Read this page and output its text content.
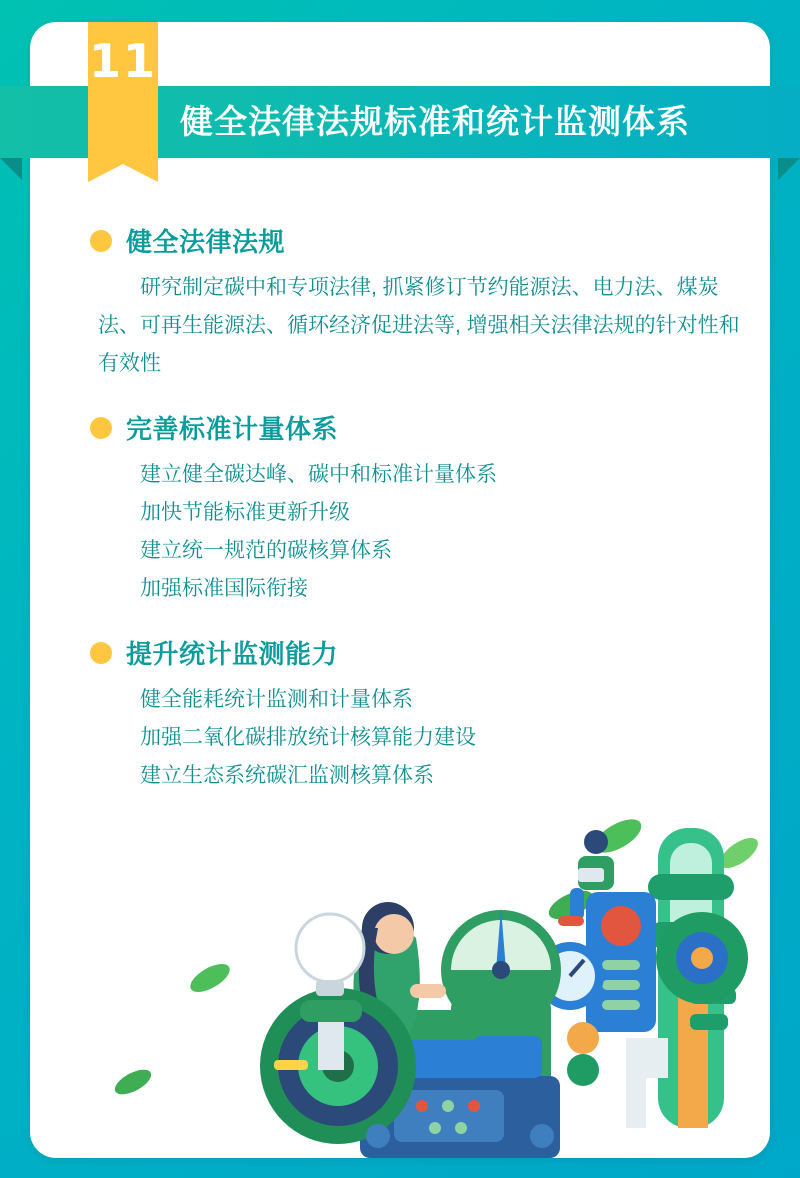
健全法律法规
研究制定碳中和专项法律, 抓紧修订节约能源法、电力法、煤炭法、可再生能源法、循环经济促进法等, 增强相关法律法规的针对性和有效性
完善标准计量体系
建立健全碳达峰、碳中和标准计量体系
加快节能标准更新升级
建立统一规范的碳核算体系
加强标准国际衔接
提升统计监测能力
健全能耗统计监测和计量体系
加强二氧化碳排放统计核算能力建设
建立生态系统碳汇监测核算体系
11
健全法律法规标准和统计监测体系
